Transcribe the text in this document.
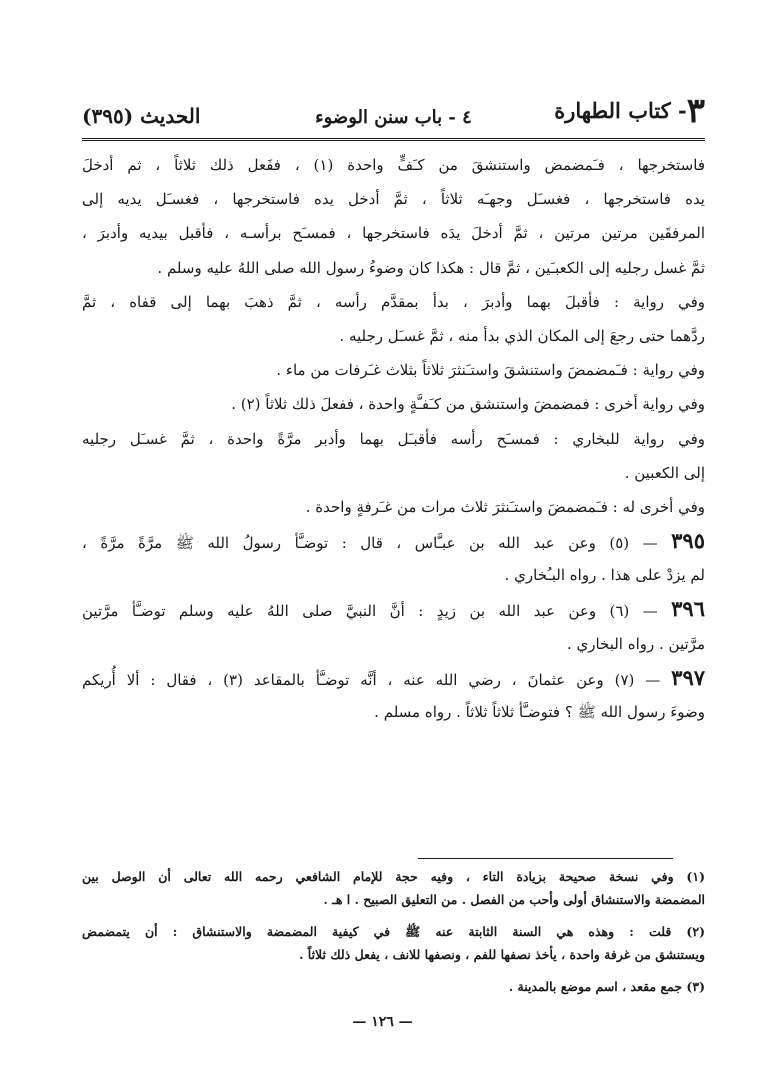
٣- كتاب الطهارة
٤ - باب سنن الوضوء
الحديث (٣٩٥)
فاستخرجها ، فـَمضمض واستنشقَ من كـَفٍّ واحدة (١) ، ففَعل ذلك ثلاثاً ، ثم أدخلَ
يده فاستخرجها ، فغسـَل وجهـَه ثلاثاً ، ثمَّ أدخل يده فاستخرجها ، فغسـَل يديه إلى
المرفقَين مرتين مرتين ، ثمَّ أدخلَ يدَه فاستخرجها ، فمسـَح برأسـه ، فأقبل بيديه وأدبرَ ،
ثمَّ غسل رجليه إلى الكعبـَين ، ثمَّ قال : هكذا كان وضوءُ رسول الله صلى اللهُ عليه وسلم .
وفي رواية : فأقبلَ بهما وأدبرَ ، بدأ بمقدَّم رأسه ، ثمَّ ذهبَ بهما إلى قفاه ، ثمَّ
ردَّهما حتى رجعَ إلى المكان الذي بدأ منه ، ثمَّ غسـَل رجليه .
وفي رواية : فـَمضمضَ واستنشقَ واستـَنثرَ ثلاثاً بثلاث غـَرفات من ماء .
وفي رواية أخرى : فمضمضَ واستنشق من كـَفـَّةٍ واحدة ، ففعلَ ذلك ثلاثاً (٢) .
وفي رواية للبخاري : فمسـَح رأسه فأقبـَل بهما وأدبر مرَّةً واحدة ، ثمَّ غسـَل رجليه
إلى الكعبين .
وفي أخرى له : فـَمضمضَ واستـَنثرَ ثلاث مرات من غـَرفةٍ واحدة .
٣٩٥ — (٥) وعن عبد الله بن عبـَّاس ، قال : توضـَّأ رسولُ الله ﷺ مرَّةً مرَّةً ،
لم يزدْ على هذا . رواه البـُخاري .
٣٩٦ — (٦) وعن عبد الله بن زيدٍ : أنَّ النبيَّ صلى اللهُ عليه وسلم توضـَّأ مرَّتين
مرَّتين . رواه البخاري .
٣٩٧ — (٧) وعن عثمانَ ، رضي الله عنه ، أنَّه توضـَّأ بالمقاعد (٣) ، فقال : ألا أُريكم
وضوءَ رسول الله ﷺ ؟ فتوضـَّأ ثلاثاً ثلاثاً . رواه مسلم .
(١) وفي نسخة صحيحة بزيادة التاء ، وفيه حجة للإمام الشافعي رحمه الله تعالى أن الوصل بين
المضمضة والاستنشاق أولى وأحب من الفصل . من التعليق الصبيح . ا هـ .
(٢) قلت : وهذه هي السنة الثابتة عنه ﷺ في كيفية المضمضة والاستنشاق : أن يتمضمض
ويستنشق من غرفة واحدة ، يأخذ نصفها للفم ، ونصفها للانف ، يفعل ذلك ثلاثاً .
(٣) جمع مقعد ، اسم موضع بالمدينة .
— ١٢٦ —
